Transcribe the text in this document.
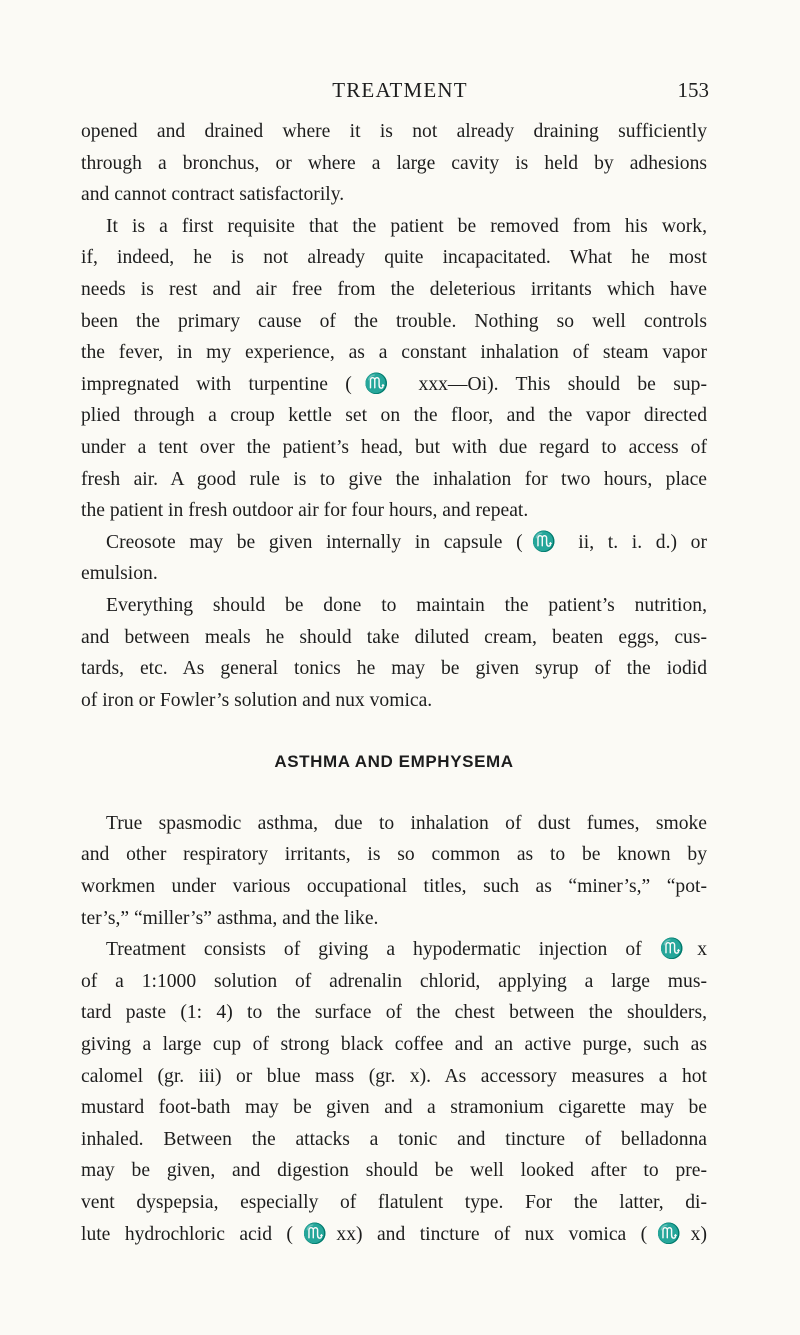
TREATMENT	153
opened and drained where it is not already draining sufficiently
through a bronchus, or where a large cavity is held by adhesions
and cannot contract satisfactorily.
It is a first requisite that the patient be removed from his work,
if, indeed, he is not already quite incapacitated. What he most
needs is rest and air free from the deleterious irritants which have
been the primary cause of the trouble. Nothing so well controls
the fever, in my experience, as a constant inhalation of steam vapor
impregnated with turpentine (♏ xxx—Oi). This should be sup-
plied through a croup kettle set on the floor, and the vapor directed
under a tent over the patient’s head, but with due regard to access of
fresh air. A good rule is to give the inhalation for two hours, place
the patient in fresh outdoor air for four hours, and repeat.
Creosote may be given internally in capsule (♏ ii, t. i. d.) or
emulsion.
Everything should be done to maintain the patient’s nutrition,
and between meals he should take diluted cream, beaten eggs, cus-
tards, etc. As general tonics he may be given syrup of the iodid
of iron or Fowler’s solution and nux vomica.
ASTHMA AND EMPHYSEMA
True spasmodic asthma, due to inhalation of dust fumes, smoke
and other respiratory irritants, is so common as to be known by
workmen under various occupational titles, such as “miner’s,” “pot-
ter’s,” “miller’s” asthma, and the like.
Treatment consists of giving a hypodermatic injection of ♏x
of a 1:1000 solution of adrenalin chlorid, applying a large mus-
tard paste (1: 4) to the surface of the chest between the shoulders,
giving a large cup of strong black coffee and an active purge, such as
calomel (gr. iii) or blue mass (gr. x). As accessory measures a hot
mustard foot-bath may be given and a stramonium cigarette may be
inhaled. Between the attacks a tonic and tincture of belladonna
may be given, and digestion should be well looked after to pre-
vent dyspepsia, especially of flatulent type. For the latter, di-
lute hydrochloric acid (♏xx) and tincture of nux vomica (♏x)
